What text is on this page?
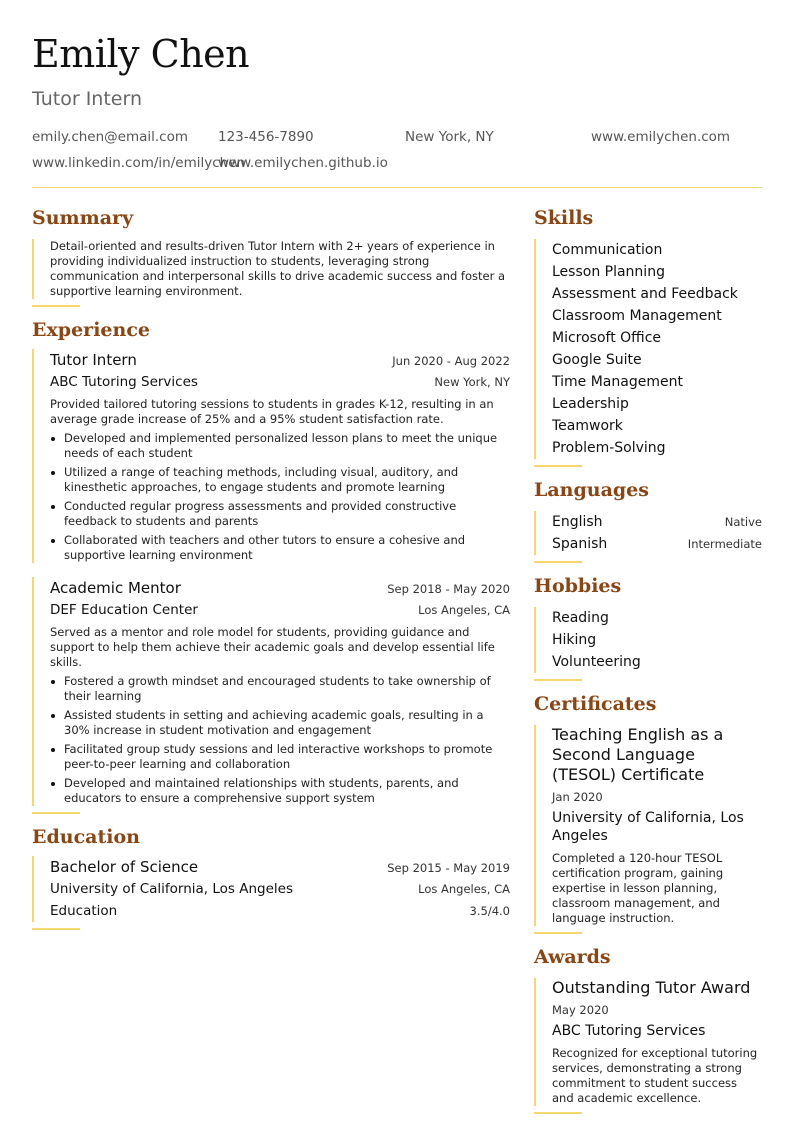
Emily Chen
Tutor Intern
emily.chen@email.com 123-456-7890	New York, NY	www.emilychen.com
www.linkedin.com/in/emilychen
www.emilychen.github.io
Summary
Detail-oriented and results-driven Tutor Intern with 2+ years of experience in providing individualized instruction to students, leveraging strong communication and interpersonal skills to drive academic success and foster a supportive learning environment.
Experience
Tutor Intern	Jun 2020 - Aug 2022
ABC Tutoring Services	New York, NY
Provided tailored tutoring sessions to students in grades K-12, resulting in an average grade increase of 25% and a 95% student satisfaction rate.
Developed and implemented personalized lesson plans to meet the unique needs of each student
Utilized a range of teaching methods, including visual, auditory, and kinesthetic approaches, to engage students and promote learning
Conducted regular progress assessments and provided constructive feedback to students and parents
Collaborated with teachers and other tutors to ensure a cohesive and supportive learning environment
Academic Mentor	Sep 2018 - May 2020
DEF Education Center	Los Angeles, CA
Served as a mentor and role model for students, providing guidance and support to help them achieve their academic goals and develop essential life skills.
Fostered a growth mindset and encouraged students to take ownership of their learning
Assisted students in setting and achieving academic goals, resulting in a 30% increase in student motivation and engagement
Facilitated group study sessions and led interactive workshops to promote peer-to-peer learning and collaboration
Developed and maintained relationships with students, parents, and educators to ensure a comprehensive support system
Education
Bachelor of Science	Sep 2015 - May 2019
University of California, Los Angeles	Los Angeles, CA
Education	3.5/4.0
Skills
Communication
Lesson Planning
Assessment and Feedback
Classroom Management
Microsoft Office
Google Suite
Time Management
Leadership
Teamwork
Problem-Solving
Languages
English	Native
Spanish	Intermediate
Hobbies
Reading
Hiking
Volunteering
Certificates
Teaching English as a Second Language (TESOL) Certificate
Jan 2020
University of California, Los Angeles
Completed a 120-hour TESOL certification program, gaining expertise in lesson planning, classroom management, and language instruction.
Awards
Outstanding Tutor Award
May 2020
ABC Tutoring Services
Recognized for exceptional tutoring services, demonstrating a strong commitment to student success and academic excellence.
